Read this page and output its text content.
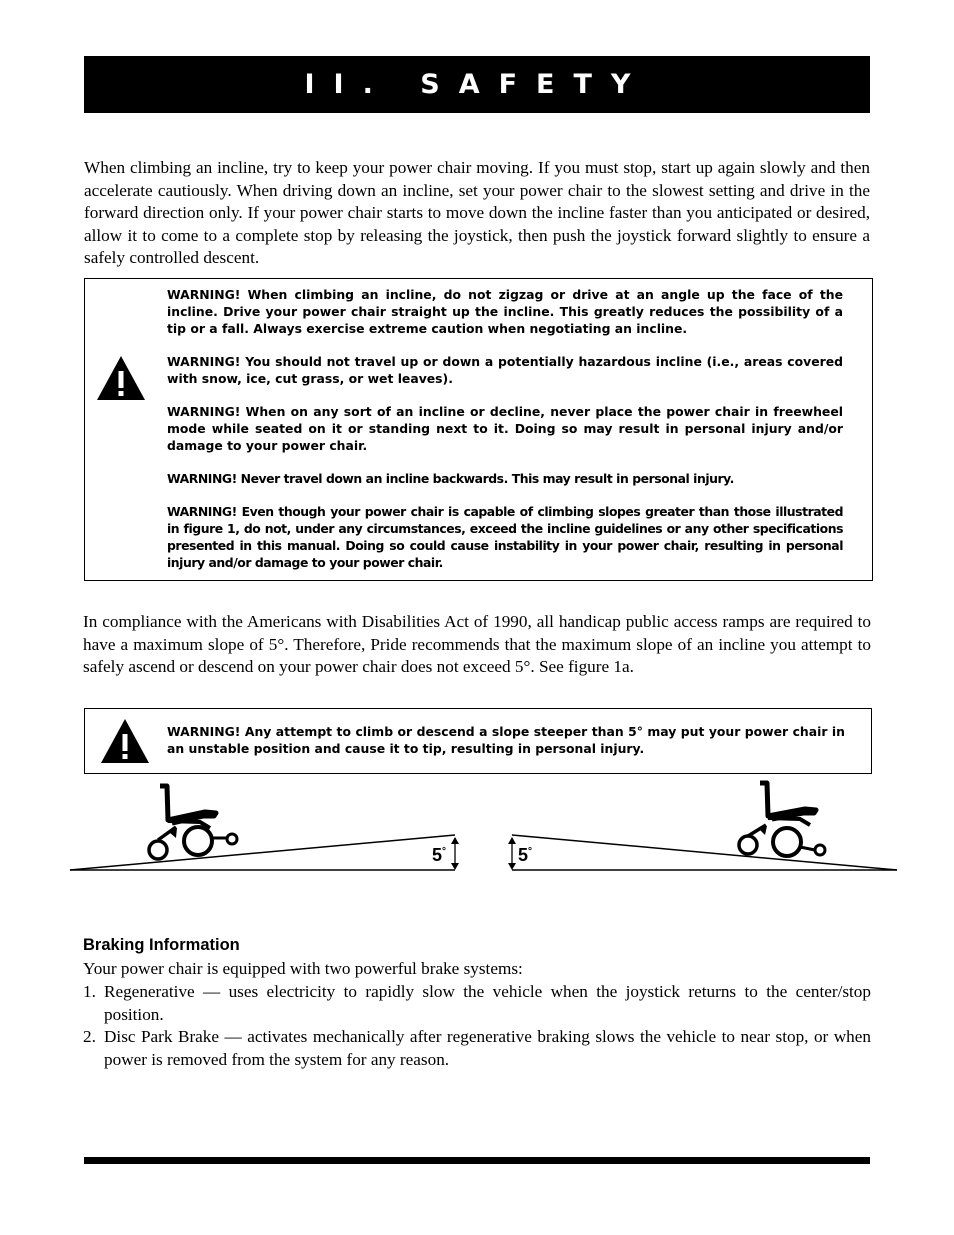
II. SAFETY

When climbing an incline, try to keep your power chair moving. If you must stop, start up again slowly and then accelerate cautiously. When driving down an incline, set your power chair to the slowest setting and drive in the forward direction only. If your power chair starts to move down the incline faster than you anticipated or desired, allow it to come to a complete stop by releasing the joystick, then push the joystick forward slightly to ensure a safely controlled descent.

WARNING! When climbing an incline, do not zigzag or drive at an angle up the face of the incline. Drive your power chair straight up the incline. This greatly reduces the possibility of a tip or a fall. Always exercise extreme caution when negotiating an incline.

WARNING! You should not travel up or down a potentially hazardous incline (i.e., areas covered with snow, ice, cut grass, or wet leaves).

WARNING! When on any sort of an incline or decline, never place the power chair in freewheel mode while seated on it or standing next to it. Doing so may result in personal injury and/or damage to your power chair.

WARNING! Never travel down an incline backwards. This may result in personal injury.

WARNING! Even though your power chair is capable of climbing slopes greater than those illustrated in figure 1, do not, under any circumstances, exceed the incline guidelines or any other specifications presented in this manual. Doing so could cause instability in your power chair, resulting in personal injury and/or damage to your power chair.

In compliance with the Americans with Disabilities Act of 1990, all handicap public access ramps are required to have a maximum slope of 5°. Therefore, Pride recommends that the maximum slope of an incline you attempt to safely ascend or descend on your power chair does not exceed 5°. See figure 1a.

WARNING! Any attempt to climb or descend a slope steeper than 5° may put your power chair in an unstable position and cause it to tip, resulting in personal injury.

5°	5°
Braking Information

Your power chair is equipped with two powerful brake systems:

1. Regenerative — uses electricity to rapidly slow the vehicle when the joystick returns to the center/stop position.
2. Disc Park Brake — activates mechanically after regenerative braking slows the vehicle to near stop, or when power is removed from the system for any reason.
